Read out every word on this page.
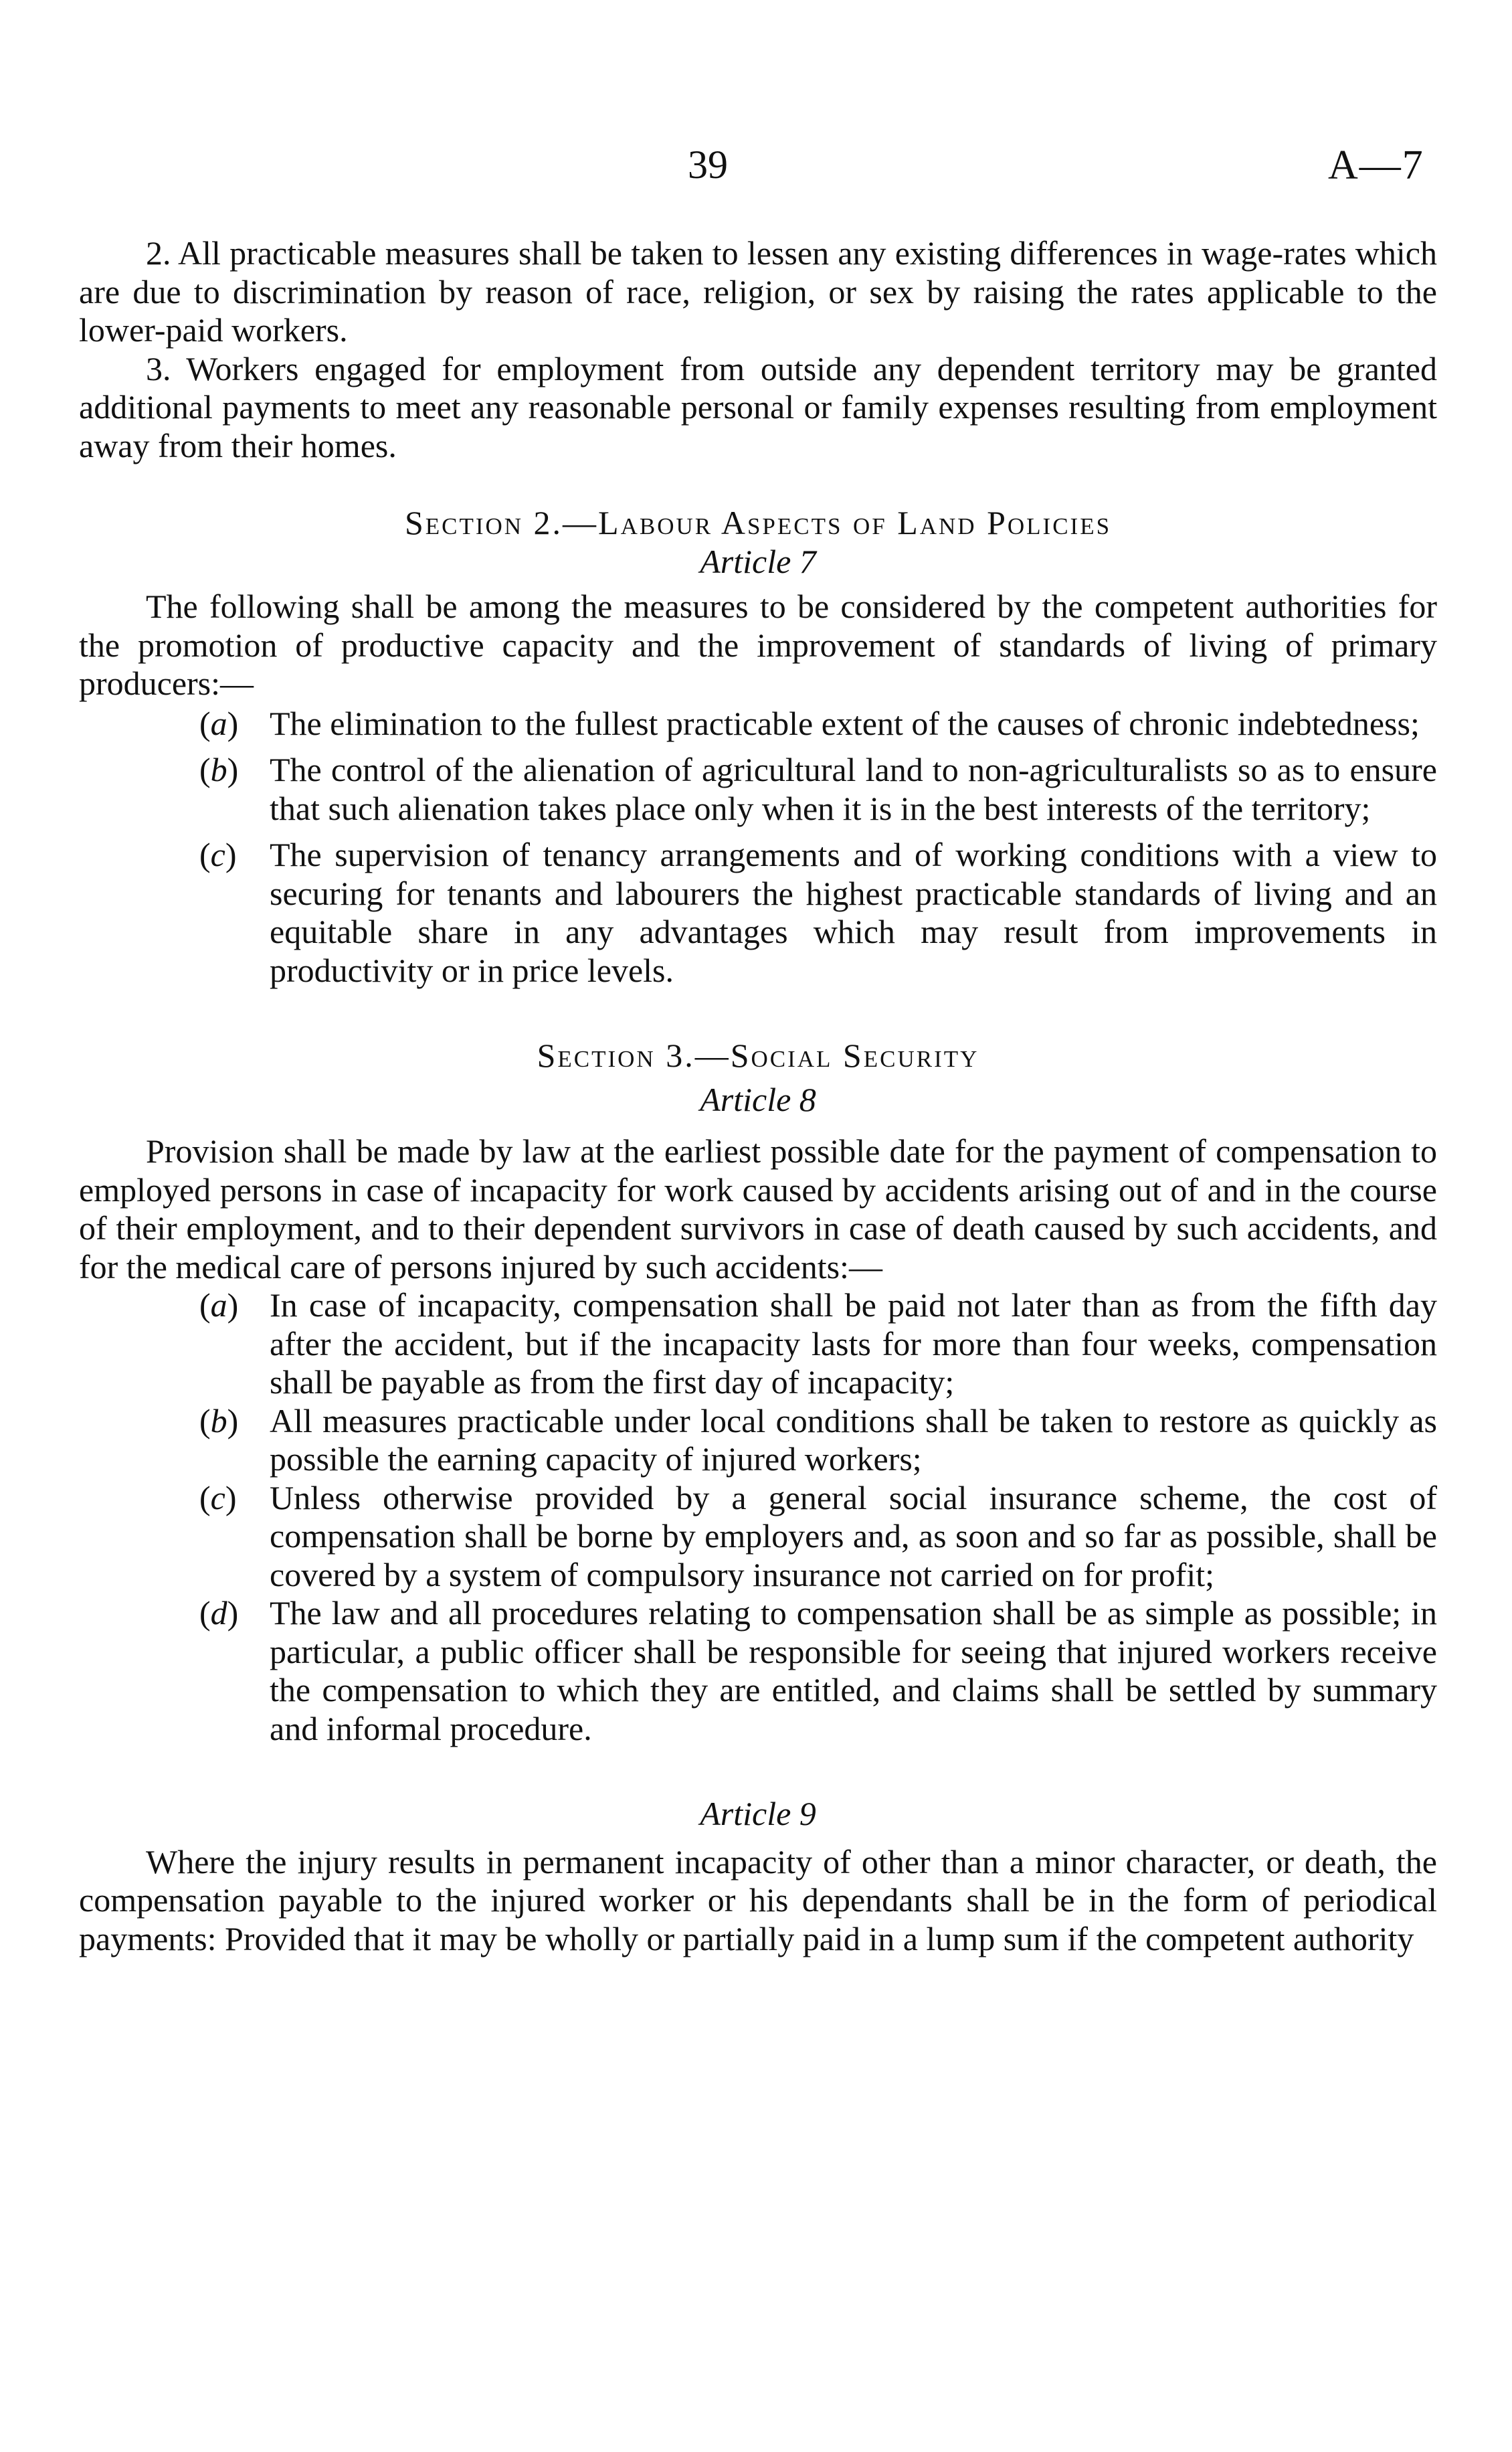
39	A—7

2. All practicable measures shall be taken to lessen any existing differences in wage-rates which are due to discrimination by reason of race, religion, or sex by raising the rates applicable to the lower-paid workers.

3. Workers engaged for employment from outside any dependent territory may be granted additional payments to meet any reasonable personal or family expenses resulting from employment away from their homes.

Section 2.—Labour Aspects of Land Policies

Article 7

The following shall be among the measures to be considered by the competent authorities for the promotion of productive capacity and the improvement of standards of living of primary producers:—

(a) The elimination to the fullest practicable extent of the causes of chronic indebtedness;

(b) The control of the alienation of agricultural land to non-agriculturalists so as to ensure that such alienation takes place only when it is in the best interests of the territory;

(c) The supervision of tenancy arrangements and of working conditions with a view to securing for tenants and labourers the highest practicable standards of living and an equitable share in any advantages which may result from improvements in productivity or in price levels.

Section 3.—Social Security

Article 8

Provision shall be made by law at the earliest possible date for the payment of compensation to employed persons in case of incapacity for work caused by accidents arising out of and in the course of their employment, and to their dependent survivors in case of death caused by such accidents, and for the medical care of persons injured by such accidents:—

(a) In case of incapacity, compensation shall be paid not later than as from the fifth day after the accident, but if the incapacity lasts for more than four weeks, compensation shall be payable as from the first day of incapacity;

(b) All measures practicable under local conditions shall be taken to restore as quickly as possible the earning capacity of injured workers;

(c) Unless otherwise provided by a general social insurance scheme, the cost of compensation shall be borne by employers and, as soon and so far as possible, shall be covered by a system of compulsory insurance not carried on for profit;

(d) The law and all procedures relating to compensation shall be as simple as possible; in particular, a public officer shall be responsible for seeing that injured workers receive the compensation to which they are entitled, and claims shall be settled by summary and informal procedure.

Article 9

Where the injury results in permanent incapacity of other than a minor character, or death, the compensation payable to the injured worker or his dependants shall be in the form of periodical payments: Provided that it may be wholly or partially paid in a lump sum if the competent authority
